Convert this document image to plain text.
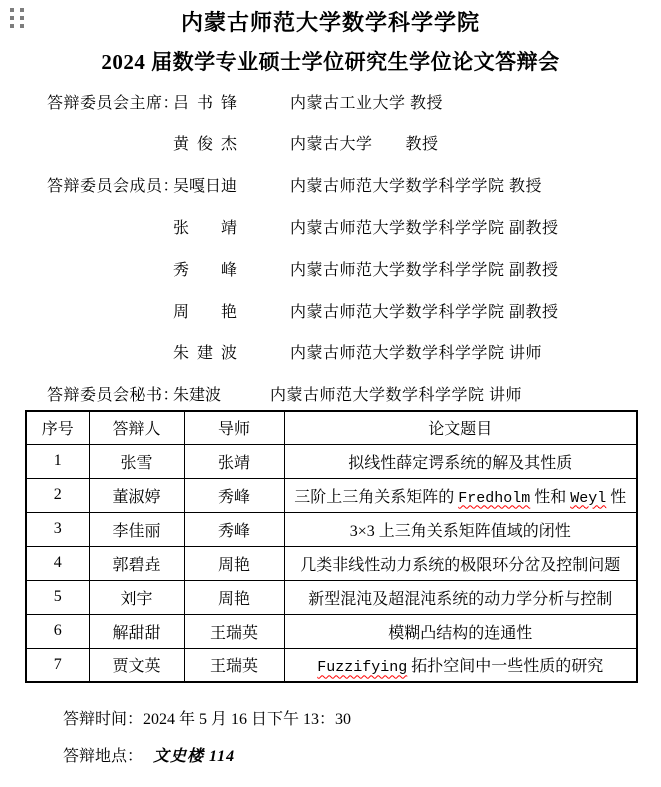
内蒙古师范大学数学科学学院
2024 届数学专业硕士学位研究生学位论文答辩会
答辩委员会主席：
吕  书  锋	内蒙古工业大学 教授
黄  俊  杰	内蒙古大学　　教授
答辩委员会成员：
吴嘎日迪	内蒙古师范大学数学科学学院 教授
张　　靖	内蒙古师范大学数学科学学院 副教授
秀　　峰	内蒙古师范大学数学科学学院 副教授
周　　艳	内蒙古师范大学数学科学学院 副教授
朱  建  波	内蒙古师范大学数学科学学院 讲师
答辩委员会秘书：
朱建波	内蒙古师范大学数学科学学院 讲师
序号	答辩人	导师	论文题目
1	张雪	张靖	拟线性薛定谔系统的解及其性质
2	董淑婷	秀峰	三阶上三角关系矩阵的 Fredholm 性和 Weyl 性
3	李佳丽	秀峰	3×3 上三角关系矩阵值域的闭性
4	郭碧垚	周艳	几类非线性动力系统的极限环分岔及控制问题
5	刘宇	周艳	新型混沌及超混沌系统的动力学分析与控制
6	解甜甜	王瑞英	模糊凸结构的连通性
7	贾文英	王瑞英	Fuzzifying 拓扑空间中一些性质的研究

答辩时间：2024 年 5 月 16 日下午 13：30

答辩地点： 文史楼 114
